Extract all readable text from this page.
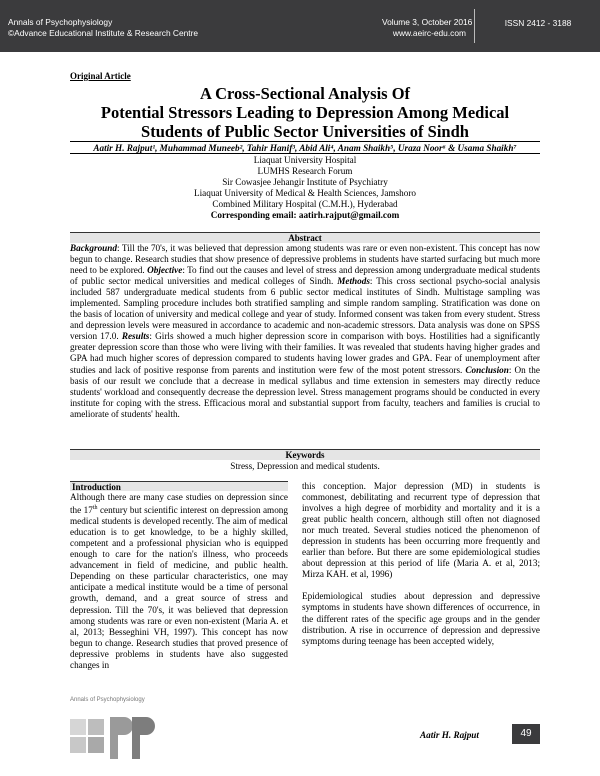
Annals of Psychophysiology
©Advance Educational Institute & Research Centre
Volume 3, October 2016
www.aeirc-edu.com
ISSN 2412 - 3188
Original Article
A Cross-Sectional Analysis Of
Potential Stressors Leading to Depression Among Medical
Students of Public Sector Universities of Sindh
Aatir H. Rajput¹, Muhammad Muneeb², Tahir Hanif³, Abid Ali⁴, Anam Shaikh⁵, Uraza Noor⁶ & Usama Shaikh⁷
Liaquat University Hospital
LUMHS Research Forum
Sir Cowasjee Jehangir Institute of Psychiatry
Liaquat University of Medical & Health Sciences, Jamshoro
Combined Military Hospital (C.M.H.), Hyderabad
Corresponding email: aatirh.rajput@gmail.com
Abstract

Background: Till the 70's, it was believed that depression among students was rare or even non-existent. This concept has now begun to change. Research studies that show presence of depressive problems in students have started surfacing but much more need to be explored. Objective: To find out the causes and level of stress and depression among undergraduate medical students of public sector medical universities and medical colleges of Sindh. Methods: This cross sectional psycho-social analysis included 587 undergraduate medical students from 6 public sector medical institutes of Sindh. Multistage sampling was implemented. Sampling procedure includes both stratified sampling and simple random sampling. Stratification was done on the basis of location of university and medical college and year of study. Informed consent was taken from every student. Stress and depression levels were measured in accordance to academic and non-academic stressors. Data analysis was done on SPSS version 17.0. Results: Girls showed a much higher depression score in comparison with boys. Hostilities had a significantly greater depression score than those who were living with their families. It was revealed that students having higher grades and GPA had much higher scores of depression compared to students having lower grades and GPA. Fear of unemployment after studies and lack of positive response from parents and institution were few of the most potent stressors. Conclusion: On the basis of our result we conclude that a decrease in medical syllabus and time extension in semesters may directly reduce students' workload and consequently decrease the depression level. Stress management programs should be conducted in every institute for coping with the stress. Efficacious moral and substantial support from faculty, teachers and families is crucial to ameliorate of students' health.

Keywords
Stress, Depression and medical students.
Introduction

Although there are many case studies on depression since the 17th century but scientific interest on depression among medical students is developed recently. The aim of medical education is to get knowledge, to be a highly skilled, competent and a professional physician who is equipped enough to care for the nation's illness, who proceeds advancement in field of medicine, and public health. Depending on these particular characteristics, one may anticipate a medical institute would be a time of personal growth, demand, and a great source of stress and depression. Till the 70's, it was believed that depression among students was rare or even non-existent (Maria A. et al, 2013; Besseghini VH, 1997). This concept has now begun to change. Research studies that proved presence of depressive problems in students have also suggested changes in

this conception. Major depression (MD) in students is commonest, debilitating and recurrent type of depression that involves a high degree of morbidity and mortality and it is a great public health concern, although still often not diagnosed nor much treated. Several studies noticed the phenomenon of depression in students has been occurring more frequently and earlier than before. But there are some epidemiological studies about depression at this period of life (Maria A. et al, 2013; Mirza KAH. et al, 1996)

Epidemiological studies about depression and depressive symptoms in students have shown differences of occurrence, in the different rates of the specific age groups and in the gender distribution. A rise in occurrence of depression and depressive symptoms during teenage has been accepted widely,

Annals of Psychophysiology
Aatir H. Rajput	49
